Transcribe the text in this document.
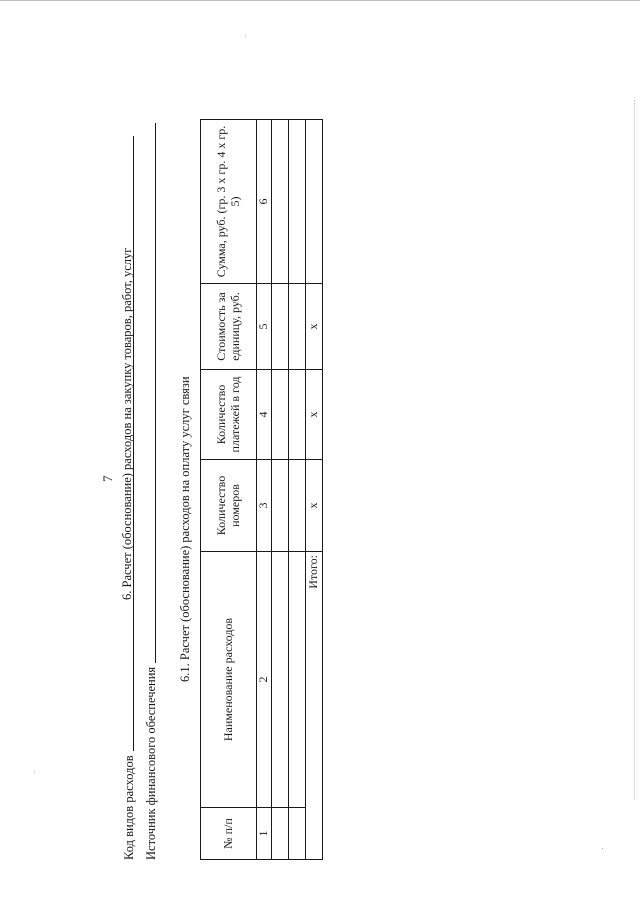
7 6. Расчет (обоснование) расходов на закупку товаров, работ, услуг
Код видов расходов Источник финансового обеспечения
6.1. Расчет (обоснование) расходов на оплату услуг связи
№ п/п	Наименование расходов	Количество номеров	Количество платежей в год	Стоимость за единицу, руб.	Сумма, руб. (гр. 3 х гр. 4 х гр. 5)
1	2	3	4	5	6

Итого:		x	x	x	
